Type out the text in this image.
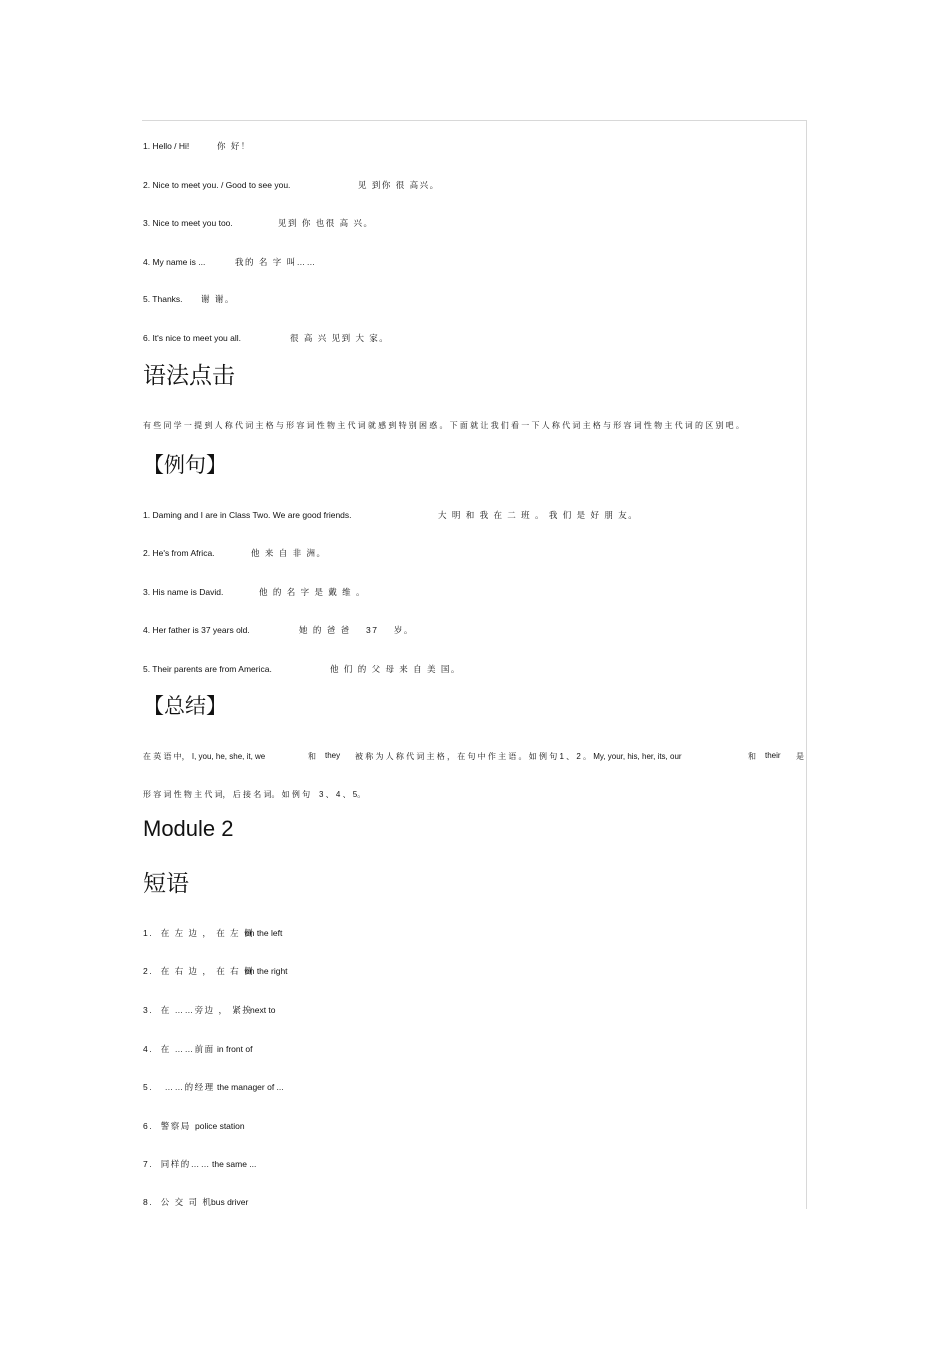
1. Hello / Hi!	你 好！
2. Nice to meet you. / Good to see you.	见 到你 很 高兴。
3. Nice to meet you too.	见到 你 也很 高 兴。
4. My name is ...	我的 名 字 叫……
5. Thanks. 谢 谢。
6. It's nice to meet you all.	很 高 兴 见到 大 家。
语法点击
有 些 同 学 一 提 到 人 称 代 词 主 格 与 形 容 词 性 物 主 代 词 就 感 到 特 别 困 惑 。 下 面 就 让 我 们 看 一 下 人 称 代 词 主 格 与 形 容 词 性 物 主 代 词 的 区 别 吧 。
【例句】
1. Daming and I are in Class Two. We are good friends.	大 明 和 我 在 二 班 。 我 们 是 好 朋 友。
2. He's from Africa.	他 来 自 非 洲。
3. His name is David.	他 的 名 字 是 戴 维 。
4. Her father is 37 years old.	她 的 爸 爸    37    岁。
5. Their parents are from America.	他 们 的 父 母 来 自 美 国。
【总结】
在 英 语 中， I, you, he, she, it, we	和 they 被 称 为 人 称 代 词 主 格 ， 在 句 中 作 主 语 。 如 例 句 1 、 2 。 My, your, his, her, its, our	和 their 是
形 容 词 性 物 主 代 词， 后 接 名 词。 如 例 句    3 、 4 、 5。
Module 2
短语
1.  在 左 边 ， 在 左 侧on the left
2.  在 右 边 ， 在 右 侧on the right
3.  在 ……旁边 ， 紧挨next to
4.  在 ……前面 in front of
5.   ……的经理 the manager of ...
6.  警察局 police station
7.  同样的……the same ...
8.  公 交 司 机bus driver
